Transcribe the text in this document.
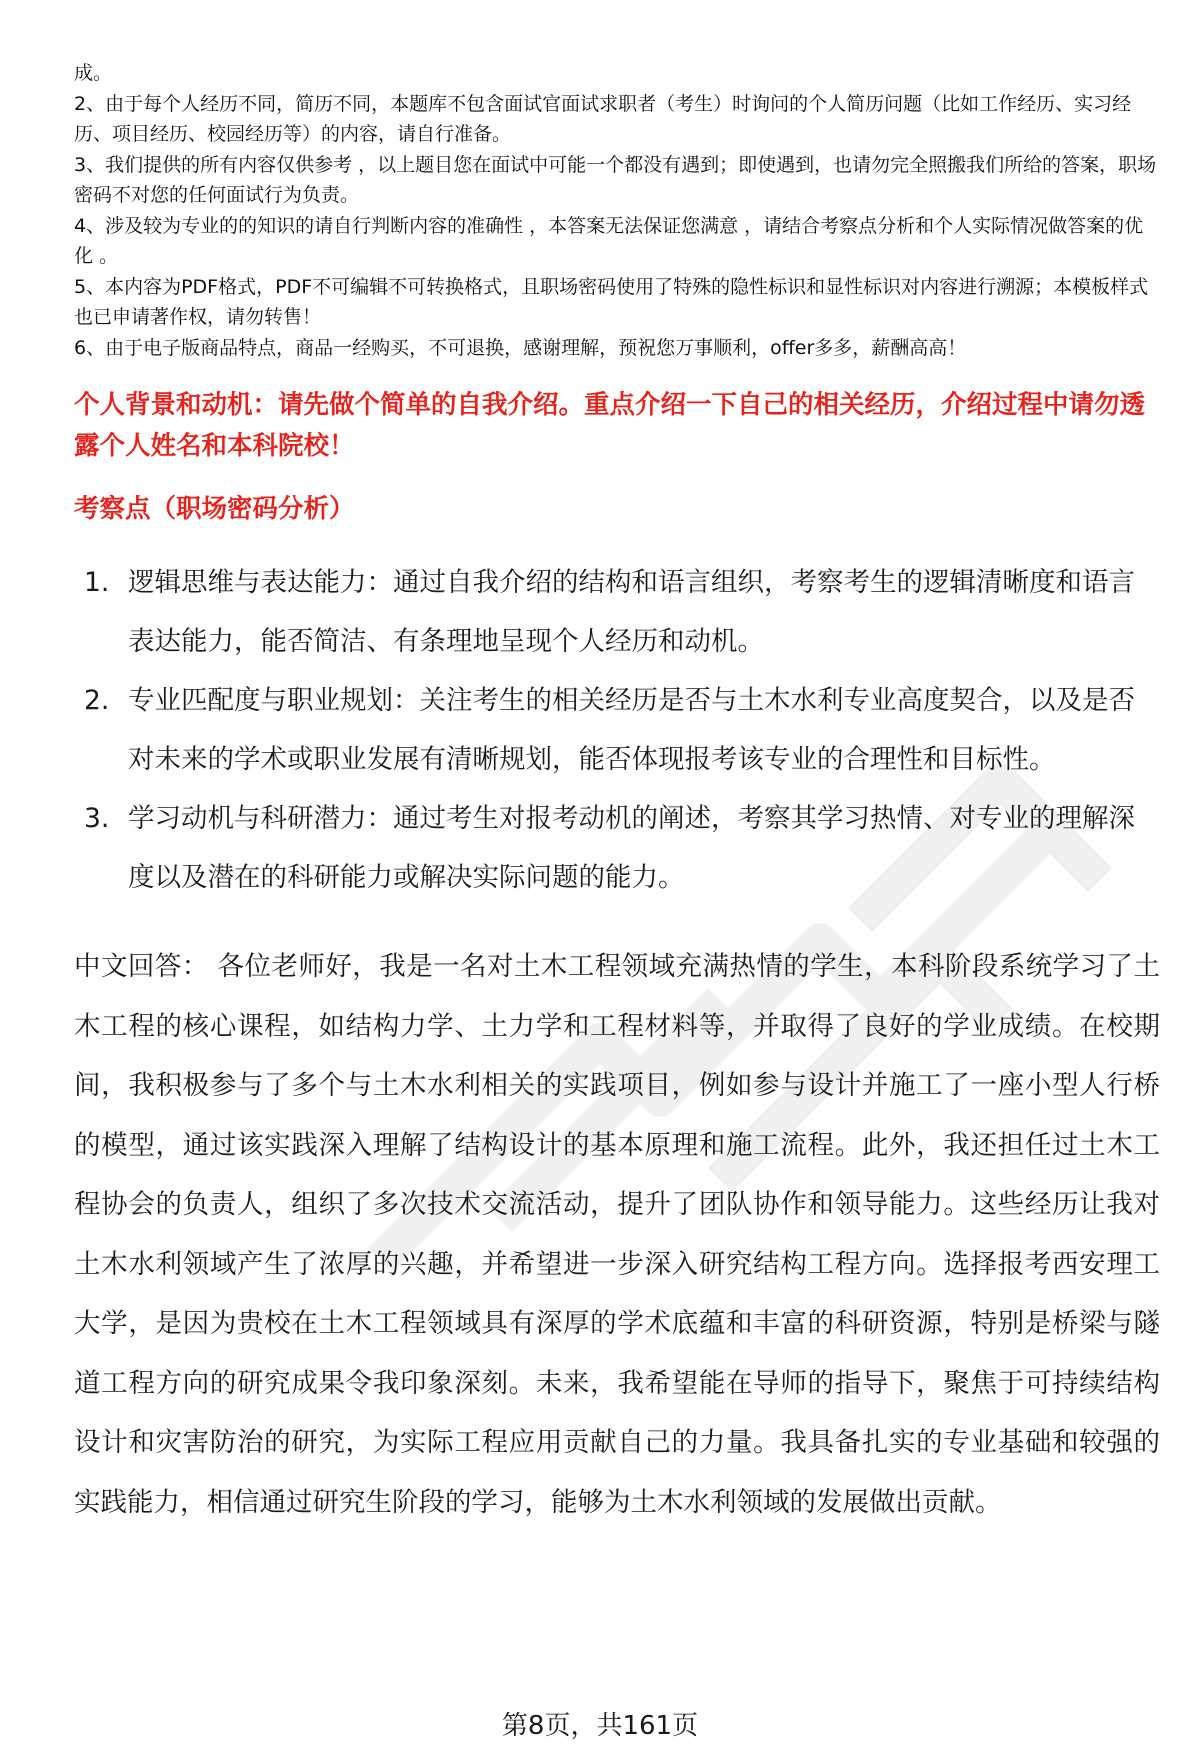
成。
2、由于每个人经历不同，简历不同，本题库不包含面试官面试求职者（考生）时询问的个人简历问题（比如工作经历、实习经历、项目经历、校园经历等）的内容，请自行准备。
3、我们提供的所有内容仅供参考 ，以上题目您在面试中可能一个都没有遇到；即使遇到，也请勿完全照搬我们所给的答案，职场密码不对您的任何面试行为负责。
4、涉及较为专业的的知识的请自行判断内容的准确性 ，本答案无法保证您满意 ，请结合考察点分析和个人实际情况做答案的优化 。
5、本内容为PDF格式，PDF不可编辑不可转换格式，且职场密码使用了特殊的隐性标识和显性标识对内容进行溯源；本模板样式也已申请著作权，请勿转售！
6、由于电子版商品特点，商品一经购买，不可退换，感谢理解，预祝您万事顺利，offer多多，薪酬高高！
个人背景和动机：请先做个简单的自我介绍。重点介绍一下自己的相关经历，介绍过程中请勿透露个人姓名和本科院校！
考察点（职场密码分析）
1. 逻辑思维与表达能力：通过自我介绍的结构和语言组织，考察考生的逻辑清晰度和语言表达能力，能否简洁、有条理地呈现个人经历和动机。
2. 专业匹配度与职业规划：关注考生的相关经历是否与土木水利专业高度契合，以及是否对未来的学术或职业发展有清晰规划，能否体现报考该专业的合理性和目标性。
3. 学习动机与科研潜力：通过考生对报考动机的阐述，考察其学习热情、对专业的理解深度以及潜在的科研能力或解决实际问题的能力。
中文回答： 各位老师好，我是一名对土木工程领域充满热情的学生，本科阶段系统学习了土木工程的核心课程，如结构力学、土力学和工程材料等，并取得了良好的学业成绩。在校期间，我积极参与了多个与土木水利相关的实践项目，例如参与设计并施工了一座小型人行桥的模型，通过该实践深入理解了结构设计的基本原理和施工流程。此外，我还担任过土木工程协会的负责人，组织了多次技术交流活动，提升了团队协作和领导能力。这些经历让我对土木水利领域产生了浓厚的兴趣，并希望进一步深入研究结构工程方向。选择报考西安理工大学，是因为贵校在土木工程领域具有深厚的学术底蕴和丰富的科研资源，特别是桥梁与隧道工程方向的研究成果令我印象深刻。未来，我希望能在导师的指导下，聚焦于可持续结构设计和灾害防治的研究，为实际工程应用贡献自己的力量。我具备扎实的专业基础和较强的实践能力，相信通过研究生阶段的学习，能够为土木水利领域的发展做出贡献。
第8页，共161页
